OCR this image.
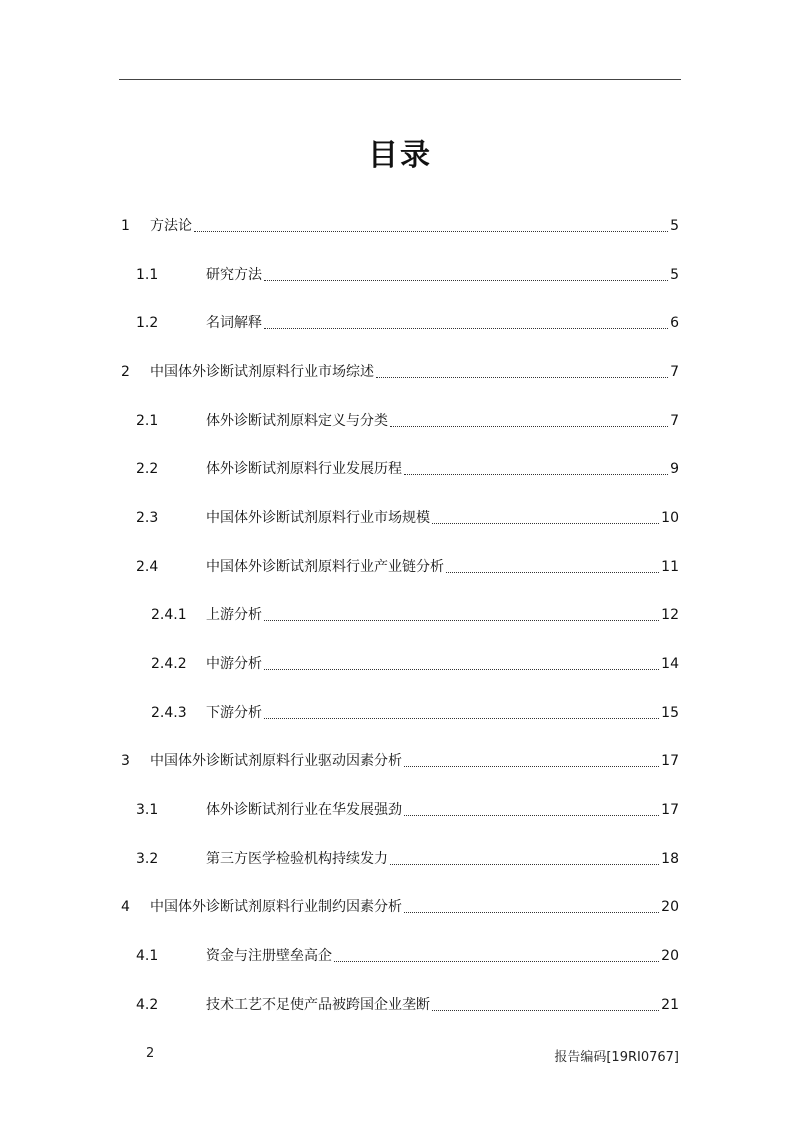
目录
1	方法论	5
1.1	研究方法	5
1.2	名词解释	6
2	中国体外诊断试剂原料行业市场综述	7
2.1	体外诊断试剂原料定义与分类	7
2.2	体外诊断试剂原料行业发展历程	9
2.3	中国体外诊断试剂原料行业市场规模	10
2.4	中国体外诊断试剂原料行业产业链分析	11
2.4.1	上游分析	12
2.4.2	中游分析	14
2.4.3	下游分析	15
3	中国体外诊断试剂原料行业驱动因素分析	17
3.1	体外诊断试剂行业在华发展强劲	17
3.2	第三方医学检验机构持续发力	18
4	中国体外诊断试剂原料行业制约因素分析	20
4.1	资金与注册壁垒高企	20
4.2	技术工艺不足使产品被跨国企业垄断	21
2	报告编码[19RI0767]
